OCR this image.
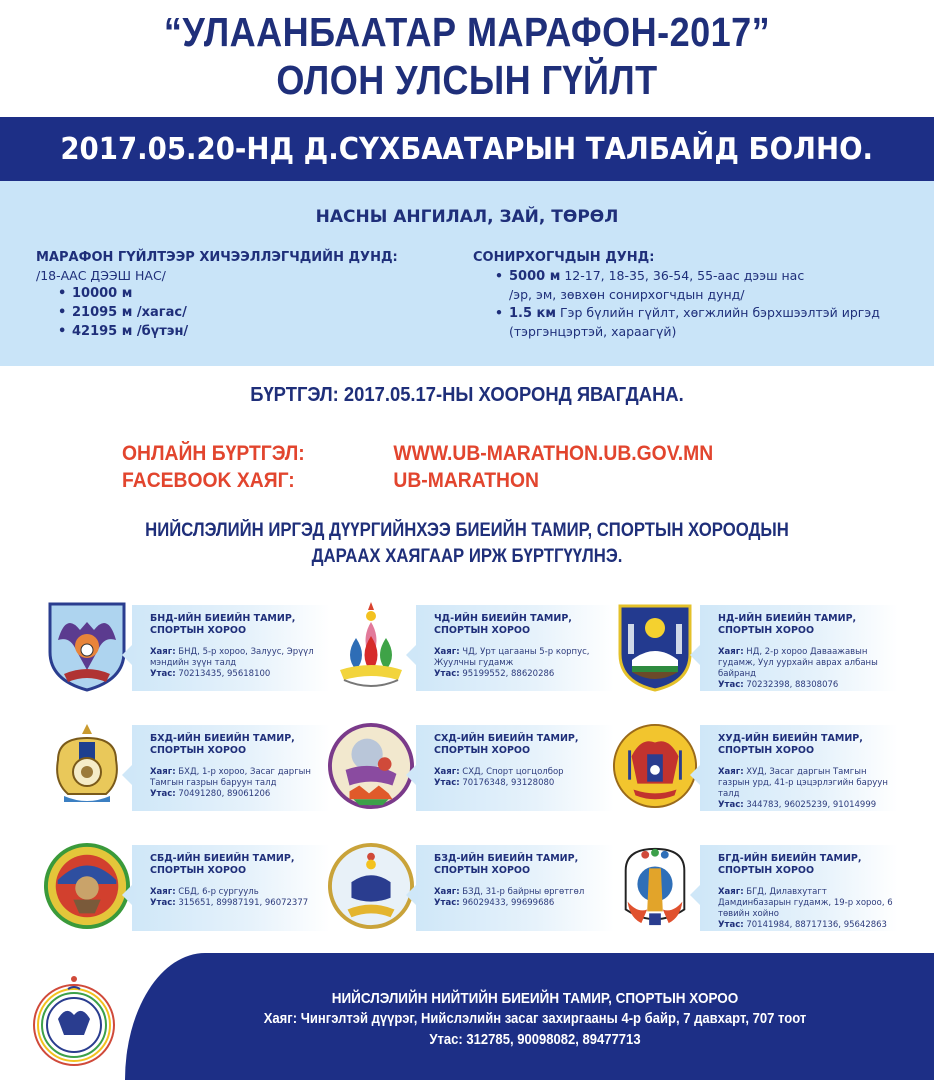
“УЛААНБААТАР МАРАФОН-2017”
ОЛОН УЛСЫН ГҮЙЛТ
2017.05.20-НД Д.СҮХБААТАРЫН ТАЛБАЙД БОЛНО.
НАСНЫ АНГИЛАЛ, ЗАЙ, ТӨРӨЛ
МАРАФОН ГҮЙЛТЭЭР ХИЧЭЭЛЛЭГЧДИЙН ДУНД:
/18-ААС ДЭЭШ НАС/
• 10000 м
• 21095 м /хагас/
• 42195 м /бүтэн/
СОНИРХОГЧДЫН ДУНД:
• 5000 м 12-17, 18-35, 36-54, 55-аас дээш нас
/эр, эм, зөвхөн сонирхогчдын дунд/
• 1.5 км Гэр бүлийн гүйлт, хөгжлийн бэрхшээлтэй иргэд
(тэргэнцэртэй, хараагүй)
БҮРТГЭЛ: 2017.05.17-НЫ ХООРОНД ЯВАГДАНА.
ОНЛАЙН БҮРТГЭЛ:	WWW.UB-MARATHON.UB.GOV.MN
FACEBOOK ХАЯГ:	UB-MARATHON
НИЙСЛЭЛИЙН ИРГЭД ДҮҮРГИЙНХЭЭ БИЕИЙН ТАМИР, СПОРТЫН ХОРООДЫН
ДАРААХ ХАЯГААР ИРЖ БҮРТГҮҮЛНЭ.
БНД-ИЙН БИЕИЙН ТАМИР,
СПОРТЫН ХОРОО
Хаяг: БНД, 5-р хороо, Залуус, Эрүүл мэндийн зүүн талд
Утас: 70213435, 95618100
ЧД-ИЙН БИЕИЙН ТАМИР,
СПОРТЫН ХОРОО
Хаяг: ЧД, Урт цагааны 5-р корпус, Жуулчны гудамж
Утас: 95199552, 88620286
НД-ИЙН БИЕИЙН ТАМИР,
СПОРТЫН ХОРОО
Хаяг: НД, 2-р хороо Даваажавын гудамж, Уул уурхайн аврах албаны байранд
Утас: 70232398, 88308076
БХД-ИЙН БИЕИЙН ТАМИР,
СПОРТЫН ХОРОО
Хаяг: БХД, 1-р хороо, Засаг даргын Тамгын газрын баруун талд
Утас: 70491280, 89061206
СХД-ИЙН БИЕИЙН ТАМИР,
СПОРТЫН ХОРОО
Хаяг: СХД, Спорт цогцолбор
Утас: 70176348, 93128080
ХУД-ИЙН БИЕИЙН ТАМИР,
СПОРТЫН ХОРОО
Хаяг: ХУД, Засаг даргын Тамгын газрын урд, 41-р цэцэрлэгийн баруун талд
Утас: 344783, 96025239, 91014999
СБД-ИЙН БИЕИЙН ТАМИР,
СПОРТЫН ХОРОО
Хаяг: СБД, 6-р сургууль
Утас: 315651, 89987191, 96072377
БЗД-ИЙН БИЕИЙН ТАМИР,
СПОРТЫН ХОРОО
Хаяг: БЗД, 31-р байрны өргөтгөл
Утас: 96029433, 99699686
БГД-ИЙН БИЕИЙН ТАМИР,
СПОРТЫН ХОРОО
Хаяг: БГД, Дилавхутагт Дамдинбазарын гудамж, 19-р хороо, 6 төвийн хойно
Утас: 70141984, 88717136, 95642863
НИЙСЛЭЛИЙН НИЙТИЙН БИЕИЙН ТАМИР, СПОРТЫН ХОРОО
Хаяг: Чингэлтэй дүүрэг, Нийслэлийн засаг захиргааны 4-р байр, 7 давхарт, 707 тоот
Утас: 312785, 90098082, 89477713
